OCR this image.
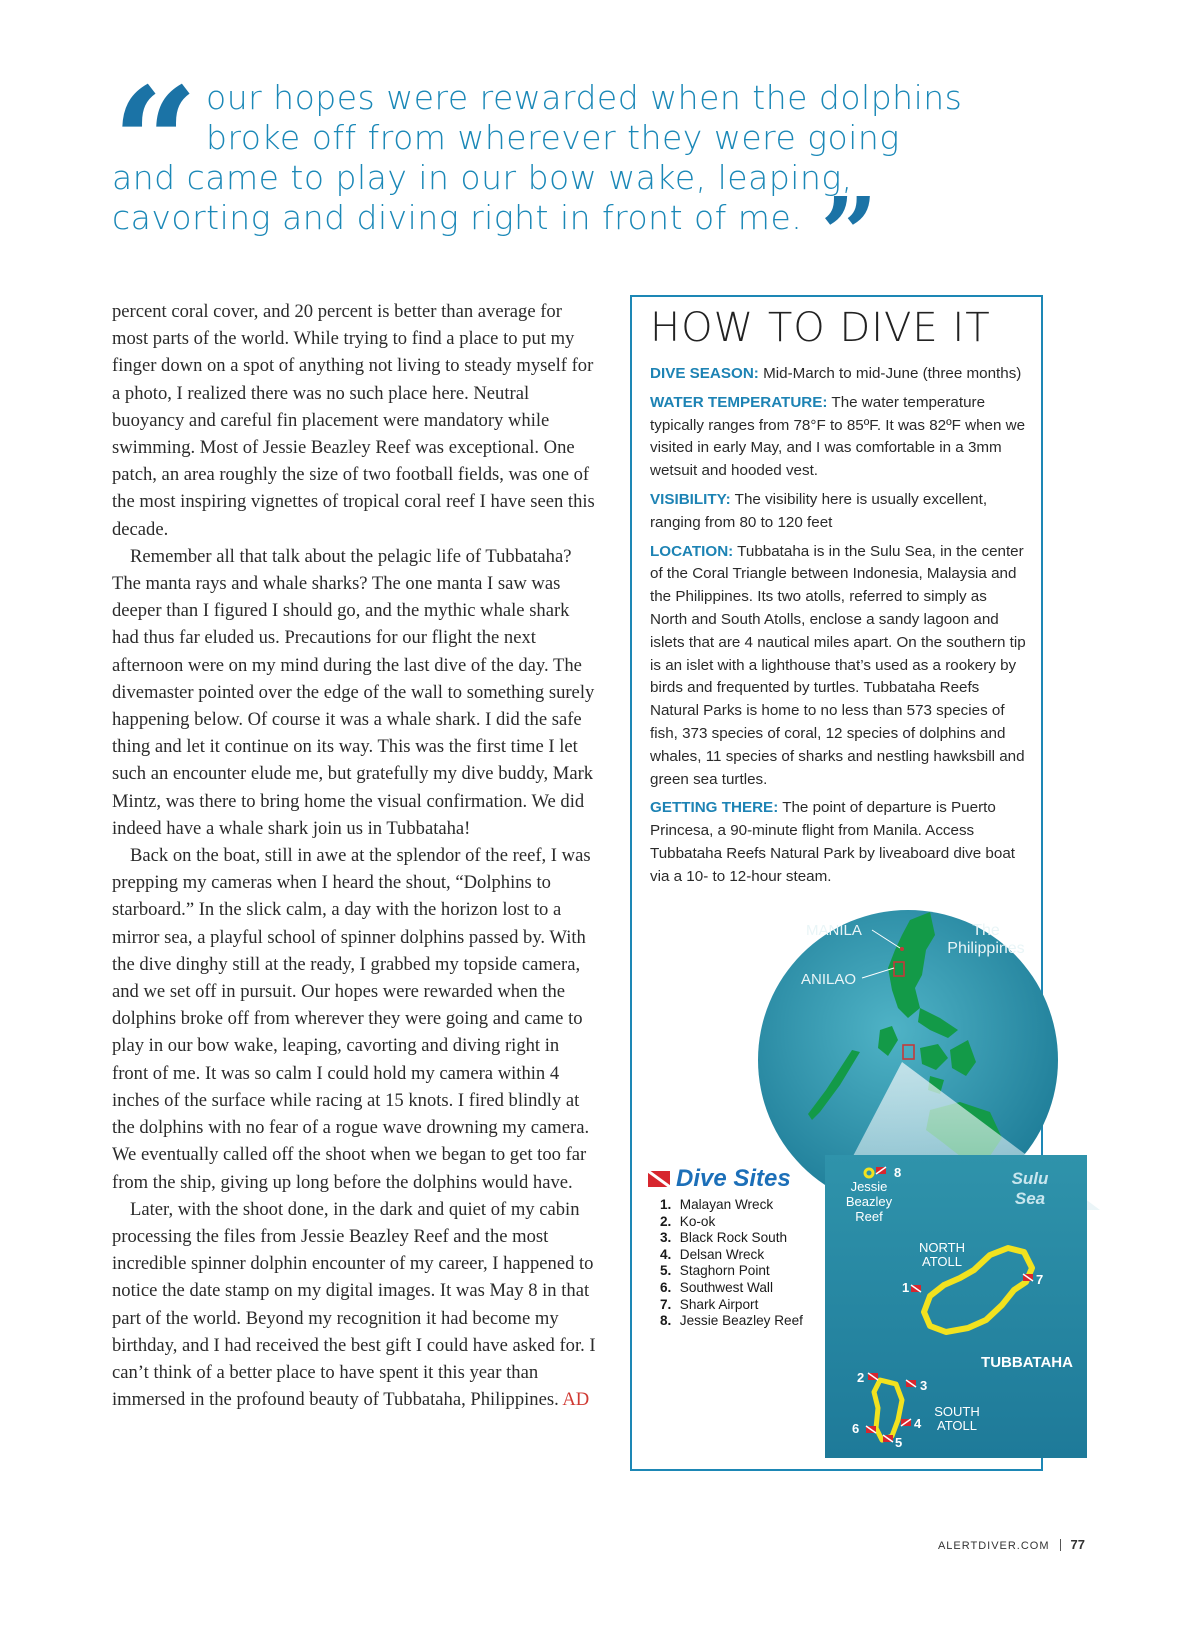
“ our hopes were rewarded when the dolphins
broke off from wherever they were going
and came to play in our bow wake, leaping,
cavorting and diving right in front of me. ”

percent coral cover, and 20 percent is better than average for most parts of the world. While trying to find a place to put my finger down on a spot of anything not living to steady myself for a photo, I realized there was no such place here. Neutral buoyancy and careful fin placement were mandatory while swimming. Most of Jessie Beazley Reef was exceptional. One patch, an area roughly the size of two football fields, was one of the most inspiring vignettes of tropical coral reef I have seen this decade.

Remember all that talk about the pelagic life of Tubbataha? The manta rays and whale sharks? The one manta I saw was deeper than I figured I should go, and the mythic whale shark had thus far eluded us. Precautions for our flight the next afternoon were on my mind during the last dive of the day. The divemaster pointed over the edge of the wall to something surely happening below. Of course it was a whale shark. I did the safe thing and let it continue on its way. This was the first time I let such an encounter elude me, but gratefully my dive buddy, Mark Mintz, was there to bring home the visual confirmation. We did indeed have a whale shark join us in Tubbataha!

Back on the boat, still in awe at the splendor of the reef, I was prepping my cameras when I heard the shout, “Dolphins to starboard.” In the slick calm, a day with the horizon lost to a mirror sea, a playful school of spinner dolphins passed by. With the dive dinghy still at the ready, I grabbed my topside camera, and we set off in pursuit. Our hopes were rewarded when the dolphins broke off from wherever they were going and came to play in our bow wake, leaping, cavorting and diving right in front of me. It was so calm I could hold my camera within 4 inches of the surface while racing at 15 knots. I fired blindly at the dolphins with no fear of a rogue wave drowning my camera. We eventually called off the shoot when we began to get too far from the ship, giving up long before the dolphins would have.

Later, with the shoot done, in the dark and quiet of my cabin processing the files from Jessie Beazley Reef and the most incredible spinner dolphin encounter of my career, I happened to notice the date stamp on my digital images. It was May 8 in that part of the world. Beyond my recognition it had become my birthday, and I had received the best gift I could have asked for. I can’t think of a better place to have spent it this year than immersed in the profound beauty of Tubbataha, Philippines. AD

HOW TO DIVE IT

DIVE SEASON: Mid-March to mid-June (three months)

WATER TEMPERATURE: The water temperature typically ranges from 78°F to 85ºF. It was 82ºF when we visited in early May, and I was comfortable in a 3mm wetsuit and hooded vest.

VISIBILITY: The visibility here is usually excellent, ranging from 80 to 120 feet

LOCATION: Tubbataha is in the Sulu Sea, in the center of the Coral Triangle between Indonesia, Malaysia and the Philippines. Its two atolls, referred to simply as North and South Atolls, enclose a sandy lagoon and islets that are 4 nautical miles apart. On the southern tip is an islet with a lighthouse that’s used as a rookery by birds and frequented by turtles. Tubbataha Reefs Natural Parks is home to no less than 573 species of fish, 373 species of coral, 12 species of dolphins and whales, 11 species of sharks and nestling hawksbill and green sea turtles.

GETTING THERE: The point of departure is Puerto Princesa, a 90-minute flight from Manila. Access Tubbataha Reefs Natural Park by liveaboard dive boat via a 10- to 12-hour steam.

MANILA
ANILAO
The
Philippines
1
2
3
4
5
6
7
8
Jessie
Beazley
Reef
Sulu
Sea
NORTH
ATOLL
TUBBATAHA
SOUTH
ATOLL
Dive Sites
1. Malayan Wreck
2. Ko-ok
3. Black Rock South
4. Delsan Wreck
5. Staghorn Point
6. Southwest Wall
7. Shark Airport
8. Jessie Beazley Reef
ALERTDIVER.COM 77
